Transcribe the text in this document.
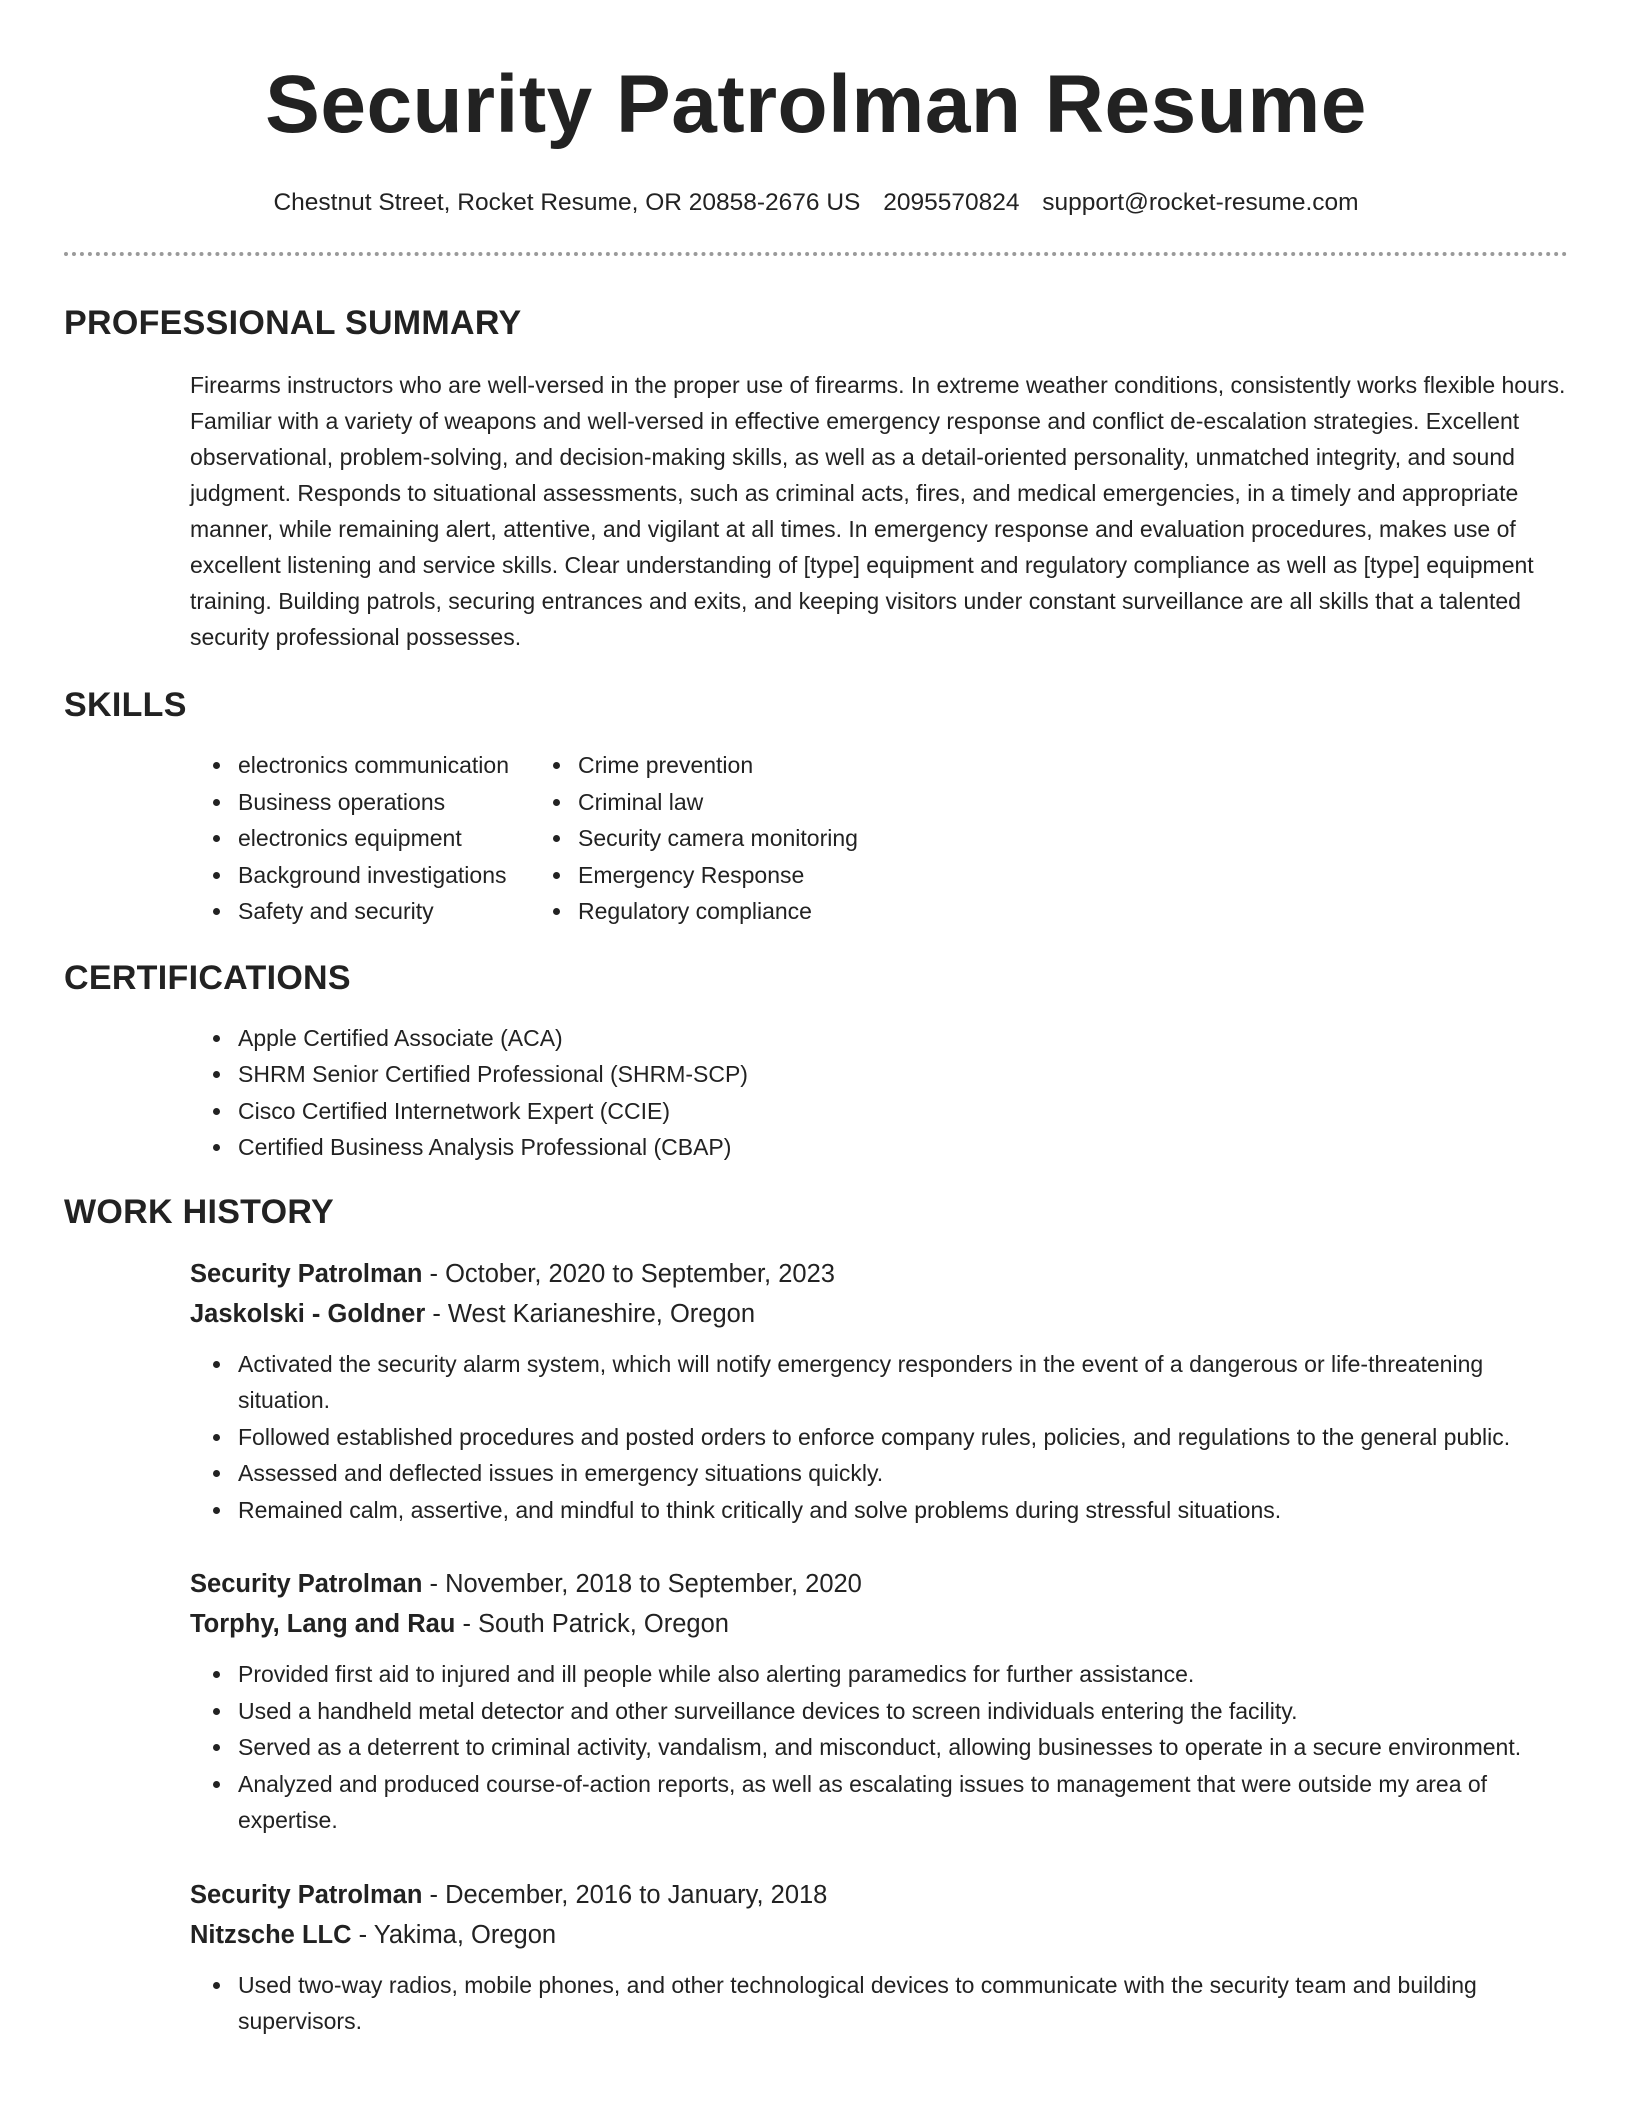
Security Patrolman Resume
Chestnut Street, Rocket Resume, OR 20858-2676 US 2095570824 support@rocket-resume.com
PROFESSIONAL SUMMARY

Firearms instructors who are well-versed in the proper use of firearms. In extreme weather conditions, consistently works flexible hours. Familiar with a variety of weapons and well-versed in effective emergency response and conflict de-escalation strategies. Excellent observational, problem-solving, and decision-making skills, as well as a detail-oriented personality, unmatched integrity, and sound judgment. Responds to situational assessments, such as criminal acts, fires, and medical emergencies, in a timely and appropriate manner, while remaining alert, attentive, and vigilant at all times. In emergency response and evaluation procedures, makes use of excellent listening and service skills. Clear understanding of [type] equipment and regulatory compliance as well as [type] equipment training. Building patrols, securing entrances and exits, and keeping visitors under constant surveillance are all skills that a talented security professional possesses.

SKILLS
• electronics communication
• Business operations
• electronics equipment
• Background investigations
• Safety and security
• Crime prevention
• Criminal law
• Security camera monitoring
• Emergency Response
• Regulatory compliance
CERTIFICATIONS
• Apple Certified Associate (ACA)
• SHRM Senior Certified Professional (SHRM-SCP)
• Cisco Certified Internetwork Expert (CCIE)
• Certified Business Analysis Professional (CBAP)
WORK HISTORY
Security Patrolman - October, 2020 to September, 2023
Jaskolski - Goldner - West Karianeshire, Oregon
• Activated the security alarm system, which will notify emergency responders in the event of a dangerous or life-threatening situation.
• Followed established procedures and posted orders to enforce company rules, policies, and regulations to the general public.
• Assessed and deflected issues in emergency situations quickly.
• Remained calm, assertive, and mindful to think critically and solve problems during stressful situations.
Security Patrolman - November, 2018 to September, 2020
Torphy, Lang and Rau - South Patrick, Oregon
• Provided first aid to injured and ill people while also alerting paramedics for further assistance.
• Used a handheld metal detector and other surveillance devices to screen individuals entering the facility.
• Served as a deterrent to criminal activity, vandalism, and misconduct, allowing businesses to operate in a secure environment.
• Analyzed and produced course-of-action reports, as well as escalating issues to management that were outside my area of expertise.
Security Patrolman - December, 2016 to January, 2018
Nitzsche LLC - Yakima, Oregon
• Used two-way radios, mobile phones, and other technological devices to communicate with the security team and building supervisors.
